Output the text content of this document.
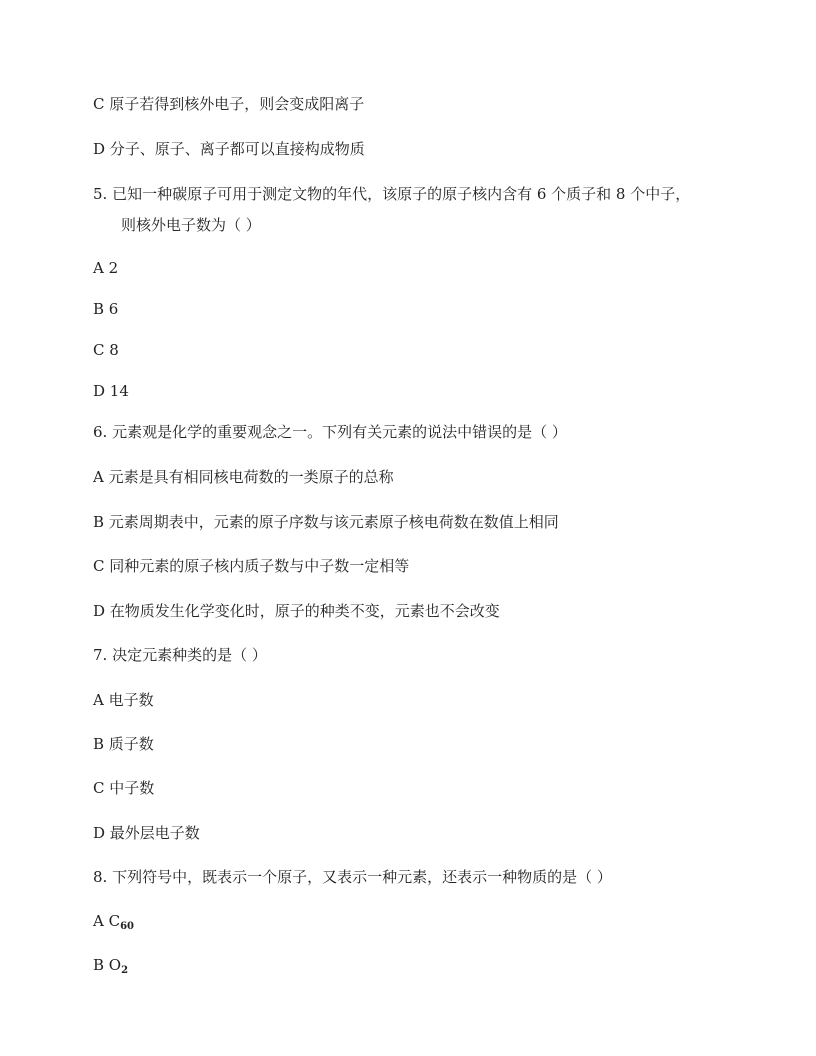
C 原子若得到核外电子，则会变成阳离子
D 分子、原子、离子都可以直接构成物质
5. 已知一种碳原子可用于测定文物的年代，该原子的原子核内含有 6 个质子和 8 个中子，
则核外电子数为（ ）
A 2
B 6
C 8
D 14
6. 元素观是化学的重要观念之一。下列有关元素的说法中错误的是（ ）
A 元素是具有相同核电荷数的一类原子的总称
B 元素周期表中，元素的原子序数与该元素原子核电荷数在数值上相同
C 同种元素的原子核内质子数与中子数一定相等
D 在物质发生化学变化时，原子的种类不变，元素也不会改变
7. 决定元素种类的是（ ）
A 电子数
B 质子数
C 中子数
D 最外层电子数
8. 下列符号中，既表示一个原子，又表示一种元素，还表示一种物质的是（ ）
A $C_{60}$
B $O_2$
